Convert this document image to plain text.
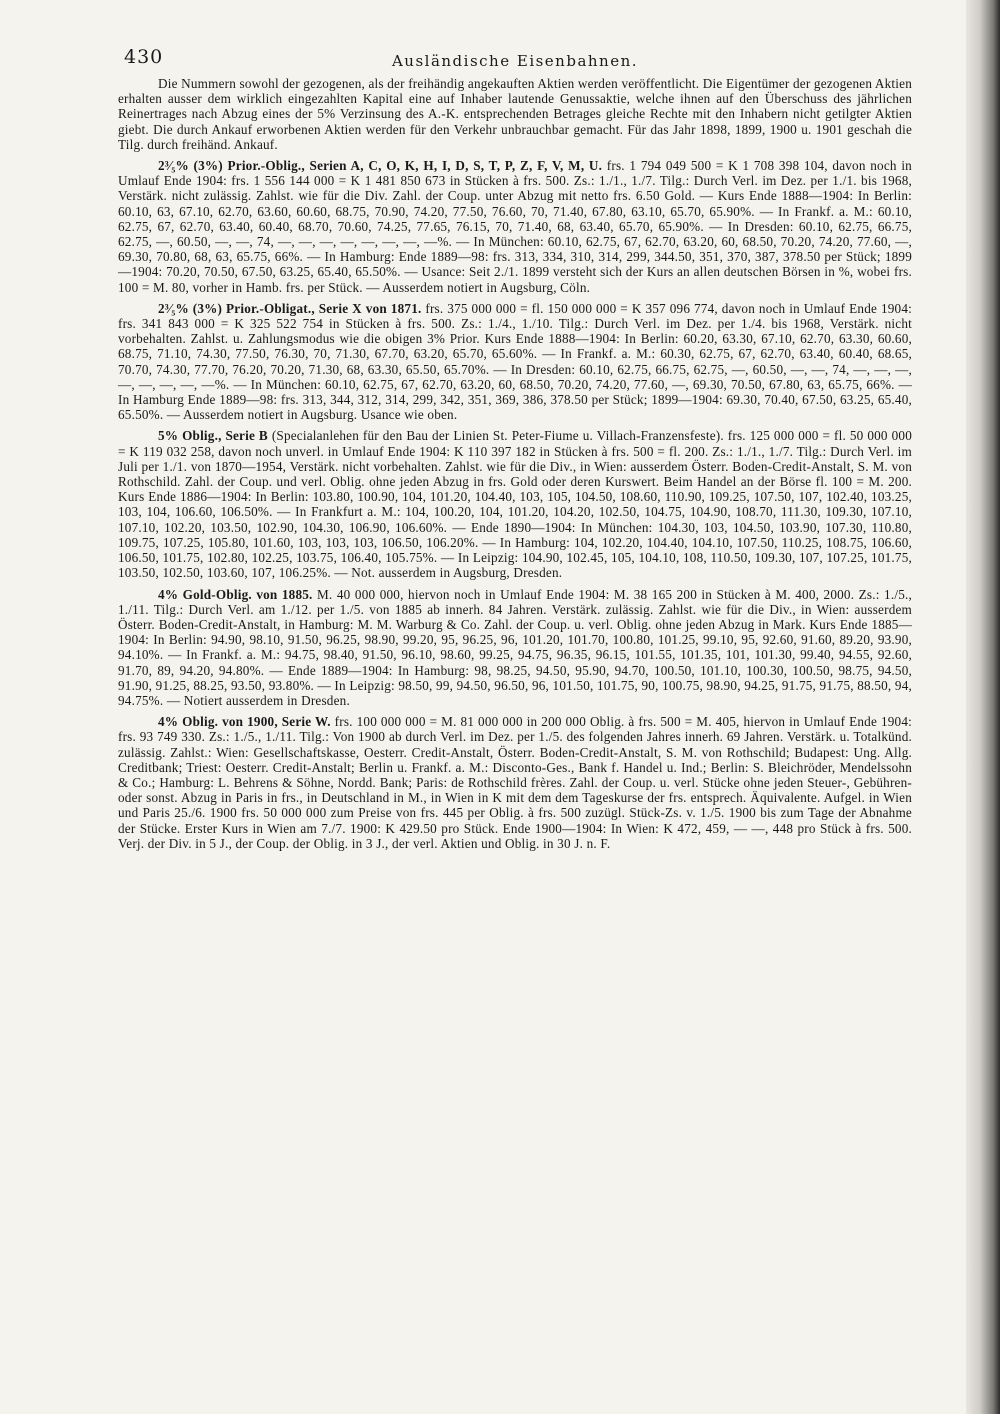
430	Ausländische Eisenbahnen.

Die Nummern sowohl der gezogenen, als der freihändig angekauften Aktien werden veröffentlicht. Die Eigentümer der gezogenen Aktien erhalten ausser dem wirklich eingezahlten Kapital eine auf Inhaber lautende Genussaktie, welche ihnen auf den Überschuss des jährlichen Reinertrages nach Abzug eines der 5% Verzinsung des A.-K. entsprechenden Betrages gleiche Rechte mit den Inhabern nicht getilgter Aktien giebt. Die durch Ankauf erworbenen Aktien werden für den Verkehr unbrauchbar gemacht. Für das Jahr 1898, 1899, 1900 u. 1901 geschah die Tilg. durch freihänd. Ankauf.

2³⁄₅% (3%) Prior.-Oblig., Serien A, C, O, K, H, I, D, S, T, P, Z, F, V, M, U. frs. 1 794 049 500 = K 1 708 398 104, davon noch in Umlauf Ende 1904: frs. 1 556 144 000 = K 1 481 850 673 in Stücken à frs. 500. Zs.: 1./1., 1./7. Tilg.: Durch Verl. im Dez. per 1./1. bis 1968, Verstärk. nicht zulässig. Zahlst. wie für die Div. Zahl. der Coup. unter Abzug mit netto frs. 6.50 Gold. — Kurs Ende 1888—1904: In Berlin: 60.10, 63, 67.10, 62.70, 63.60, 60.60, 68.75, 70.90, 74.20, 77.50, 76.60, 70, 71.40, 67.80, 63.10, 65.70, 65.90%. — In Frankf. a. M.: 60.10, 62.75, 67, 62.70, 63.40, 60.40, 68.70, 70.60, 74.25, 77.65, 76.15, 70, 71.40, 68, 63.40, 65.70, 65.90%. — In Dresden: 60.10, 62.75, 66.75, 62.75, —, 60.50, —, —, 74, —, —, —, —, —, —, —, —%. — In München: 60.10, 62.75, 67, 62.70, 63.20, 60, 68.50, 70.20, 74.20, 77.60, —, 69.30, 70.80, 68, 63, 65.75, 66%. — In Hamburg: Ende 1889—98: frs. 313, 334, 310, 314, 299, 344.50, 351, 370, 387, 378.50 per Stück; 1899—1904: 70.20, 70.50, 67.50, 63.25, 65.40, 65.50%. — Usance: Seit 2./1. 1899 versteht sich der Kurs an allen deutschen Börsen in %, wobei frs. 100 = M. 80, vorher in Hamb. frs. per Stück. — Ausserdem notiert in Augsburg, Cöln.

2³⁄₅% (3%) Prior.-Obligat., Serie X von 1871. frs. 375 000 000 = fl. 150 000 000 = K 357 096 774, davon noch in Umlauf Ende 1904: frs. 341 843 000 = K 325 522 754 in Stücken à frs. 500. Zs.: 1./4., 1./10. Tilg.: Durch Verl. im Dez. per 1./4. bis 1968, Verstärk. nicht vorbehalten. Zahlst. u. Zahlungsmodus wie die obigen 3% Prior. Kurs Ende 1888—1904: In Berlin: 60.20, 63.30, 67.10, 62.70, 63.30, 60.60, 68.75, 71.10, 74.30, 77.50, 76.30, 70, 71.30, 67.70, 63.20, 65.70, 65.60%. — In Frankf. a. M.: 60.30, 62.75, 67, 62.70, 63.40, 60.40, 68.65, 70.70, 74.30, 77.70, 76.20, 70.20, 71.30, 68, 63.30, 65.50, 65.70%. — In Dresden: 60.10, 62.75, 66.75, 62.75, —, 60.50, —, —, 74, —, —, —, —, —, —, —, —%. — In München: 60.10, 62.75, 67, 62.70, 63.20, 60, 68.50, 70.20, 74.20, 77.60, —, 69.30, 70.50, 67.80, 63, 65.75, 66%. — In Hamburg Ende 1889—98: frs. 313, 344, 312, 314, 299, 342, 351, 369, 386, 378.50 per Stück; 1899—1904: 69.30, 70.40, 67.50, 63.25, 65.40, 65.50%. — Ausserdem notiert in Augsburg. Usance wie oben.

5% Oblig., Serie B (Specialanlehen für den Bau der Linien St. Peter-Fiume u. Villach-Franzensfeste). frs. 125 000 000 = fl. 50 000 000 = K 119 032 258, davon noch unverl. in Umlauf Ende 1904: K 110 397 182 in Stücken à frs. 500 = fl. 200. Zs.: 1./1., 1./7. Tilg.: Durch Verl. im Juli per 1./1. von 1870—1954, Verstärk. nicht vorbehalten. Zahlst. wie für die Div., in Wien: ausserdem Österr. Boden-Credit-Anstalt, S. M. von Rothschild. Zahl. der Coup. und verl. Oblig. ohne jeden Abzug in frs. Gold oder deren Kurswert. Beim Handel an der Börse fl. 100 = M. 200. Kurs Ende 1886—1904: In Berlin: 103.80, 100.90, 104, 101.20, 104.40, 103, 105, 104.50, 108.60, 110.90, 109.25, 107.50, 107, 102.40, 103.25, 103, 104, 106.60, 106.50%. — In Frankfurt a. M.: 104, 100.20, 104, 101.20, 104.20, 102.50, 104.75, 104.90, 108.70, 111.30, 109.30, 107.10, 107.10, 102.20, 103.50, 102.90, 104.30, 106.90, 106.60%. — Ende 1890—1904: In München: 104.30, 103, 104.50, 103.90, 107.30, 110.80, 109.75, 107.25, 105.80, 101.60, 103, 103, 103, 106.50, 106.20%. — In Hamburg: 104, 102.20, 104.40, 104.10, 107.50, 110.25, 108.75, 106.60, 106.50, 101.75, 102.80, 102.25, 103.75, 106.40, 105.75%. — In Leipzig: 104.90, 102.45, 105, 104.10, 108, 110.50, 109.30, 107, 107.25, 101.75, 103.50, 102.50, 103.60, 107, 106.25%. — Not. ausserdem in Augsburg, Dresden.

4% Gold-Oblig. von 1885. M. 40 000 000, hiervon noch in Umlauf Ende 1904: M. 38 165 200 in Stücken à M. 400, 2000. Zs.: 1./5., 1./11. Tilg.: Durch Verl. am 1./12. per 1./5. von 1885 ab innerh. 84 Jahren. Verstärk. zulässig. Zahlst. wie für die Div., in Wien: ausserdem Österr. Boden-Credit-Anstalt, in Hamburg: M. M. Warburg & Co. Zahl. der Coup. u. verl. Oblig. ohne jeden Abzug in Mark. Kurs Ende 1885—1904: In Berlin: 94.90, 98.10, 91.50, 96.25, 98.90, 99.20, 95, 96.25, 96, 101.20, 101.70, 100.80, 101.25, 99.10, 95, 92.60, 91.60, 89.20, 93.90, 94.10%. — In Frankf. a. M.: 94.75, 98.40, 91.50, 96.10, 98.60, 99.25, 94.75, 96.35, 96.15, 101.55, 101.35, 101, 101.30, 99.40, 94.55, 92.60, 91.70, 89, 94.20, 94.80%. — Ende 1889—1904: In Hamburg: 98, 98.25, 94.50, 95.90, 94.70, 100.50, 101.10, 100.30, 100.50, 98.75, 94.50, 91.90, 91.25, 88.25, 93.50, 93.80%. — In Leipzig: 98.50, 99, 94.50, 96.50, 96, 101.50, 101.75, 90, 100.75, 98.90, 94.25, 91.75, 91.75, 88.50, 94, 94.75%. — Notiert ausserdem in Dresden.

4% Oblig. von 1900, Serie W. frs. 100 000 000 = M. 81 000 000 in 200 000 Oblig. à frs. 500 = M. 405, hiervon in Umlauf Ende 1904: frs. 93 749 330. Zs.: 1./5., 1./11. Tilg.: Von 1900 ab durch Verl. im Dez. per 1./5. des folgenden Jahres innerh. 69 Jahren. Verstärk. u. Totalkünd. zulässig. Zahlst.: Wien: Gesellschaftskasse, Oesterr. Credit-Anstalt, Österr. Boden-Credit-Anstalt, S. M. von Rothschild; Budapest: Ung. Allg. Creditbank; Triest: Oesterr. Credit-Anstalt; Berlin u. Frankf. a. M.: Disconto-Ges., Bank f. Handel u. Ind.; Berlin: S. Bleichröder, Mendelssohn & Co.; Hamburg: L. Behrens & Söhne, Nordd. Bank; Paris: de Rothschild frères. Zahl. der Coup. u. verl. Stücke ohne jeden Steuer-, Gebühren- oder sonst. Abzug in Paris in frs., in Deutschland in M., in Wien in K mit dem dem Tageskurse der frs. entsprech. Äquivalente. Aufgel. in Wien und Paris 25./6. 1900 frs. 50 000 000 zum Preise von frs. 445 per Oblig. à frs. 500 zuzügl. Stück-Zs. v. 1./5. 1900 bis zum Tage der Abnahme der Stücke. Erster Kurs in Wien am 7./7. 1900: K 429.50 pro Stück. Ende 1900—1904: In Wien: K 472, 459, — —, 448 pro Stück à frs. 500. Verj. der Div. in 5 J., der Coup. der Oblig. in 3 J., der verl. Aktien und Oblig. in 30 J. n. F.
